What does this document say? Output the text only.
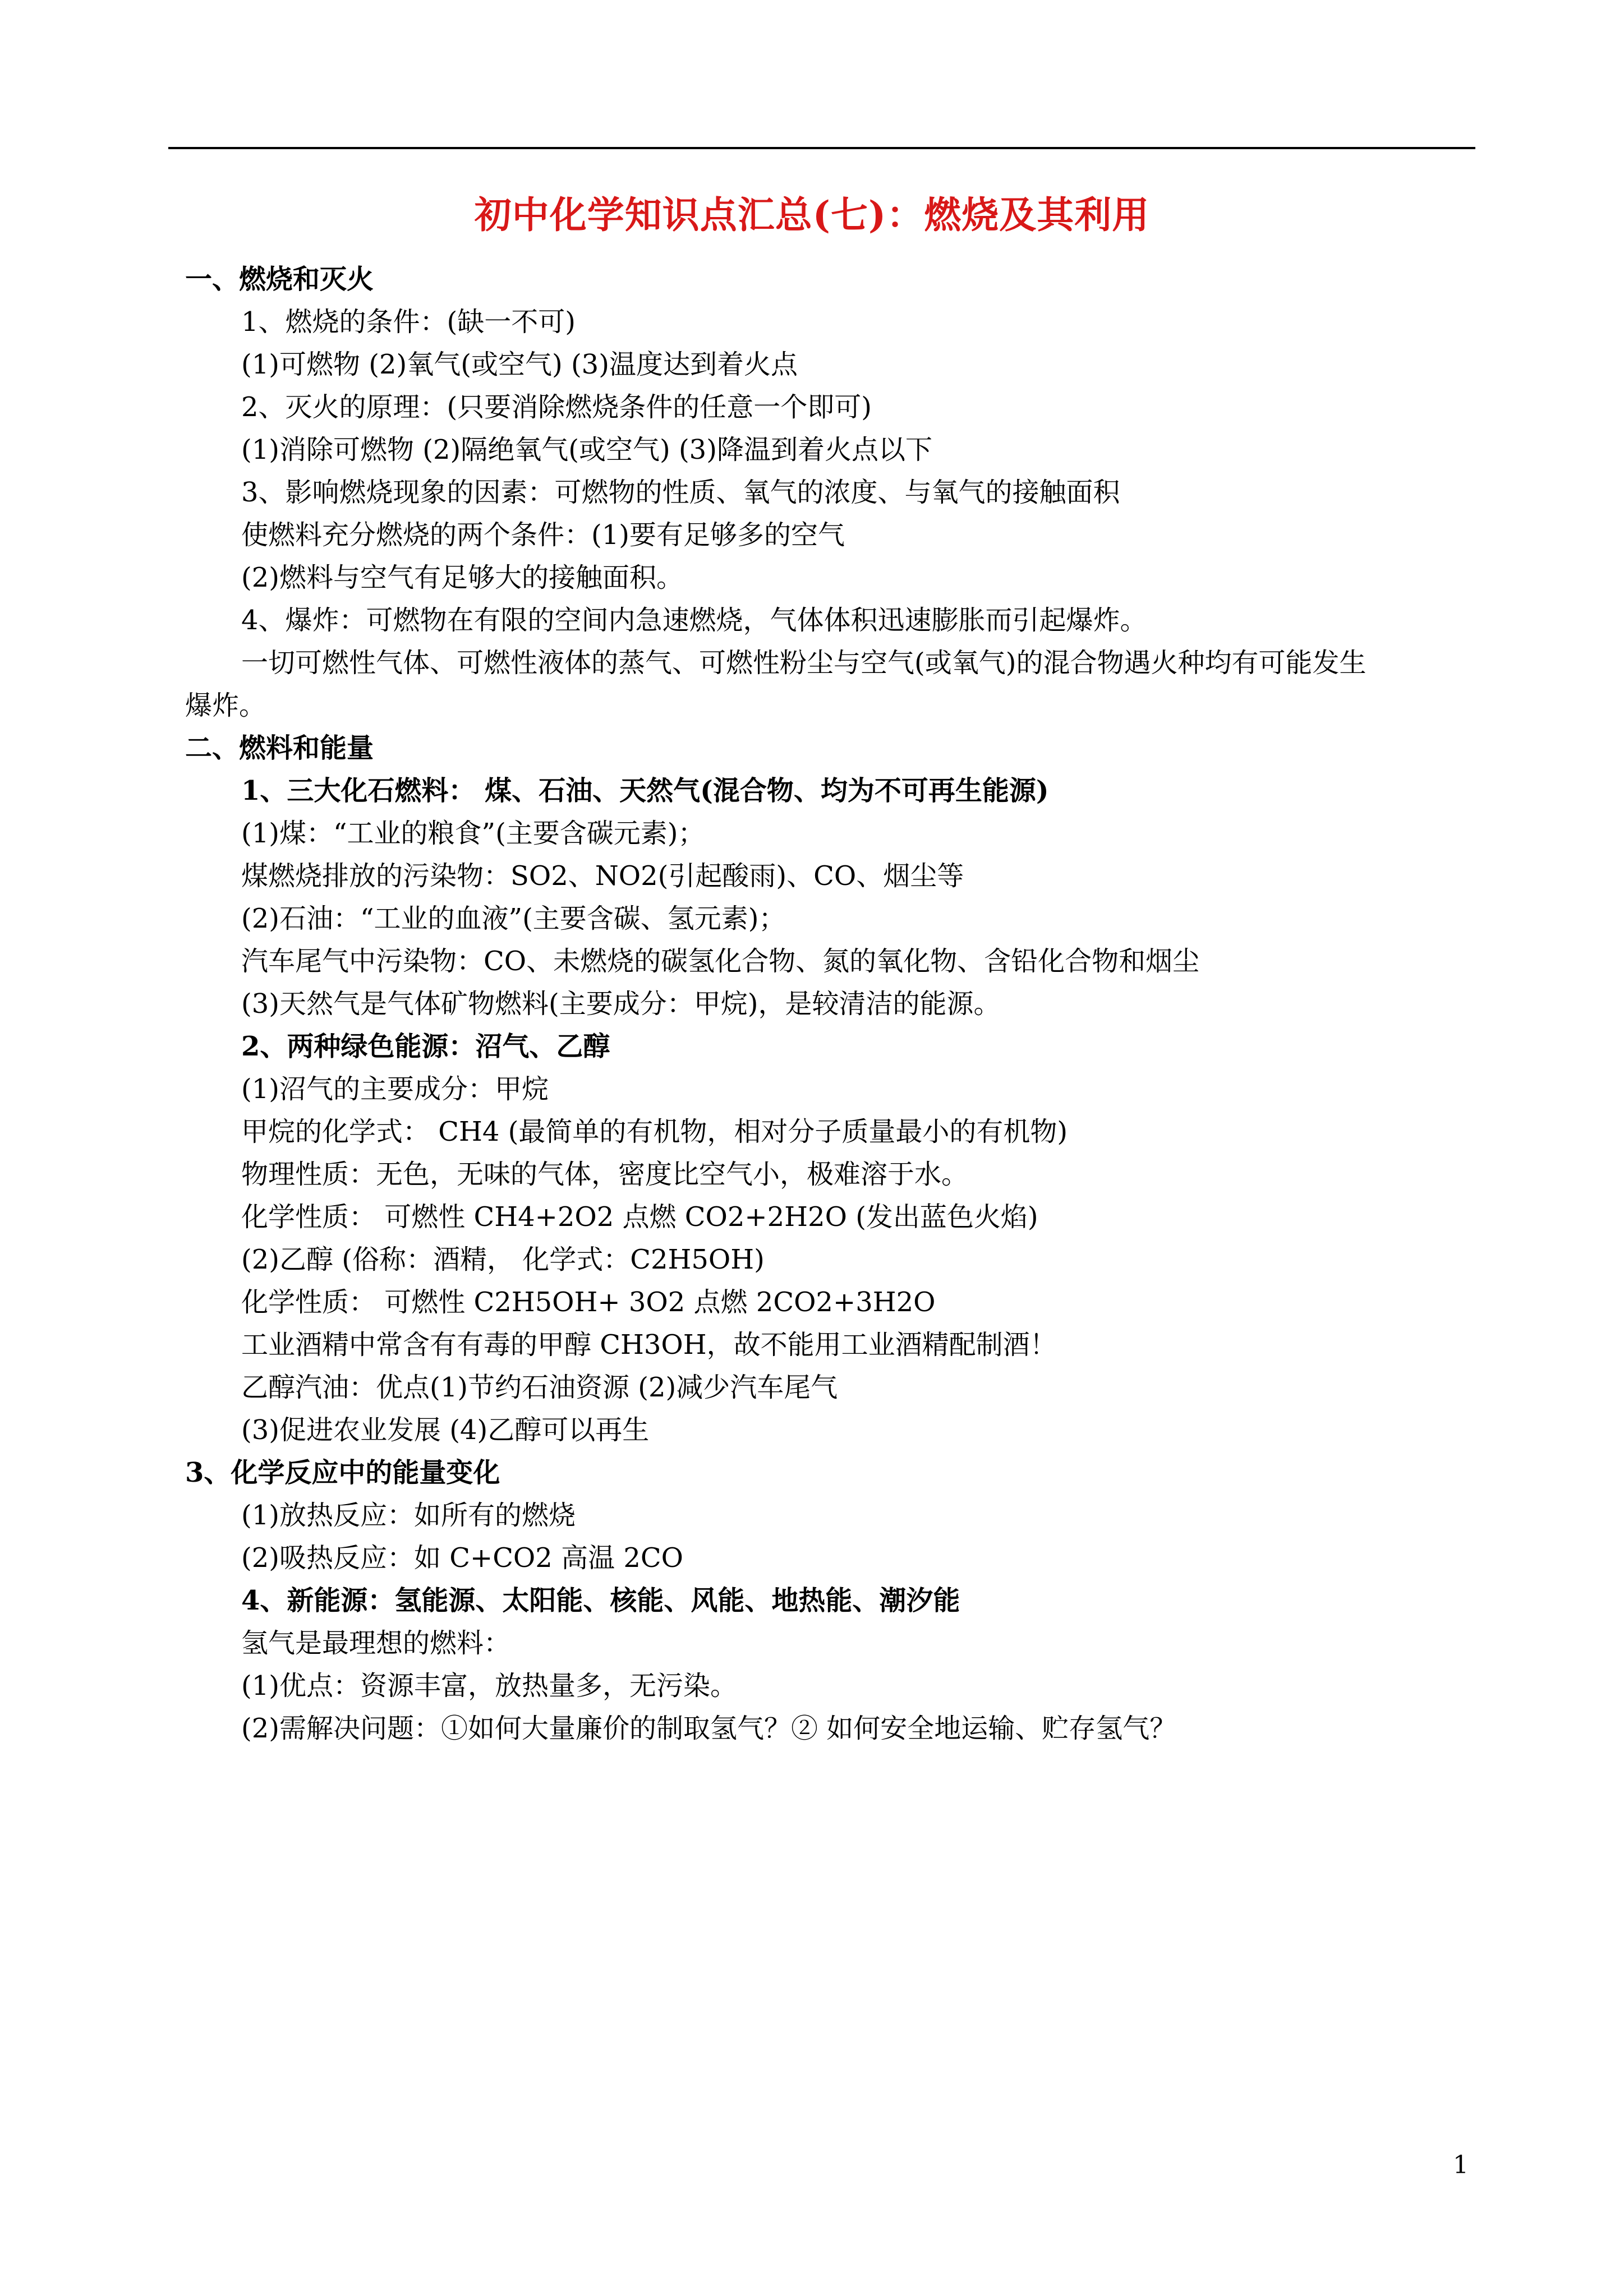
初中化学知识点汇总(七)：燃烧及其利用
一、燃烧和灭火
1、燃烧的条件：(缺一不可)
(1)可燃物 (2)氧气(或空气) (3)温度达到着火点
2、灭火的原理：(只要消除燃烧条件的任意一个即可)
(1)消除可燃物 (2)隔绝氧气(或空气) (3)降温到着火点以下
3、影响燃烧现象的因素：可燃物的性质、氧气的浓度、与氧气的接触面积
使燃料充分燃烧的两个条件：(1)要有足够多的空气
(2)燃料与空气有足够大的接触面积。
4、爆炸：可燃物在有限的空间内急速燃烧，气体体积迅速膨胀而引起爆炸。
一切可燃性气体、可燃性液体的蒸气、可燃性粉尘与空气(或氧气)的混合物遇火种均有可能发生
爆炸。
二、燃料和能量
1、三大化石燃料： 煤、石油、天然气(混合物、均为不可再生能源)
(1)煤：“工业的粮食”(主要含碳元素)；
煤燃烧排放的污染物：SO2、NO2(引起酸雨)、CO、烟尘等
(2)石油：“工业的血液”(主要含碳、氢元素)；
汽车尾气中污染物：CO、未燃烧的碳氢化合物、氮的氧化物、含铅化合物和烟尘
(3)天然气是气体矿物燃料(主要成分：甲烷)，是较清洁的能源。
2、两种绿色能源：沼气、乙醇
(1)沼气的主要成分：甲烷
甲烷的化学式： CH4 (最简单的有机物，相对分子质量最小的有机物)
物理性质：无色，无味的气体，密度比空气小，极难溶于水。
化学性质： 可燃性 CH4+2O2 点燃 CO2+2H2O (发出蓝色火焰)
(2)乙醇 (俗称：酒精， 化学式：C2H5OH)
化学性质： 可燃性 C2H5OH+ 3O2 点燃 2CO2+3H2O
工业酒精中常含有有毒的甲醇 CH3OH，故不能用工业酒精配制酒！
乙醇汽油：优点(1)节约石油资源 (2)减少汽车尾气
(3)促进农业发展 (4)乙醇可以再生
3、化学反应中的能量变化
(1)放热反应：如所有的燃烧
(2)吸热反应：如 C+CO2 高温 2CO
4、新能源：氢能源、太阳能、核能、风能、地热能、潮汐能
氢气是最理想的燃料：
(1)优点：资源丰富，放热量多，无污染。
(2)需解决问题：①如何大量廉价的制取氢气？② 如何安全地运输、贮存氢气？
1
